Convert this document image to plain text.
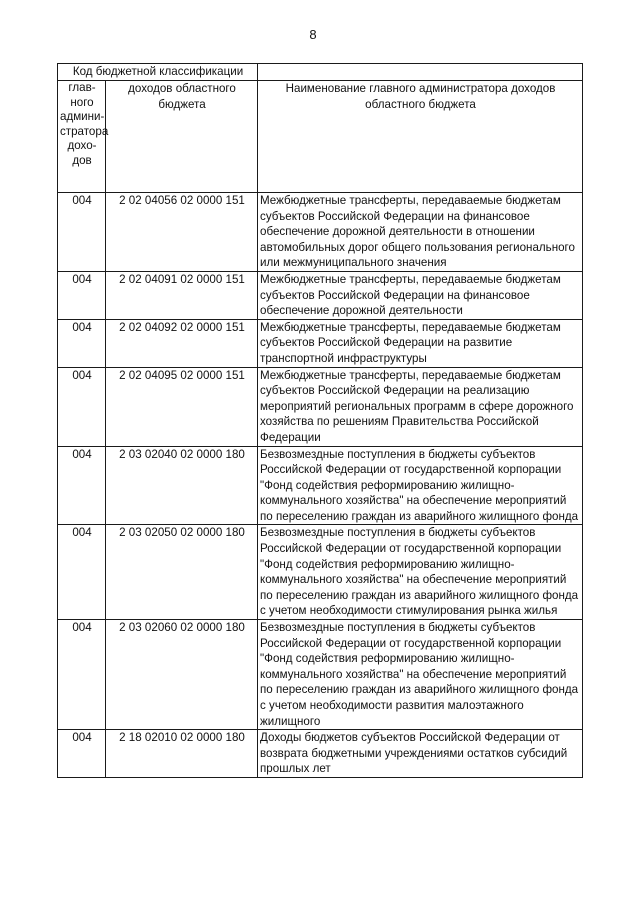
8
Код бюджетной классификации		
глав-ного админи-стратора дохо-дов	доходов областного бюджета	Наименование главного администратора доходов областного бюджета
004	2 02 04056 02 0000 151	Межбюджетные трансферты, передаваемые бюджетам субъектов Российской Федерации на финансовое обеспечение дорожной деятельности в отношении автомобильных дорог общего пользования регионального или межмуниципального значения
004	2 02 04091 02 0000 151	Межбюджетные трансферты, передаваемые бюджетам субъектов Российской Федерации на финансовое обеспечение дорожной деятельности
004	2 02 04092 02 0000 151	Межбюджетные трансферты, передаваемые бюджетам субъектов Российской Федерации на развитие транспортной инфраструктуры
004	2 02 04095 02 0000 151	Межбюджетные трансферты, передаваемые бюджетам субъектов Российской Федерации на реализацию мероприятий региональных программ в сфере дорожного хозяйства по решениям Правительства Российской Федерации
004	2 03 02040 02 0000 180	Безвозмездные поступления в бюджеты субъектов Российской Федерации от государственной корпорации "Фонд содействия реформированию жилищно-коммунального хозяйства" на обеспечение мероприятий по переселению граждан из аварийного жилищного фонда
004	2 03 02050 02 0000 180	Безвозмездные поступления в бюджеты субъектов Российской Федерации от государственной корпорации "Фонд содействия реформированию жилищно-коммунального хозяйства" на обеспечение мероприятий по переселению граждан из аварийного жилищного фонда с учетом необходимости стимулирования рынка жилья
004	2 03 02060 02 0000 180	Безвозмездные поступления в бюджеты субъектов Российской Федерации от государственной корпорации "Фонд содействия реформированию жилищно-коммунального хозяйства" на обеспечение мероприятий по переселению граждан из аварийного жилищного фонда с учетом необходимости развития малоэтажного жилищного
004	2 18 02010 02 0000 180	Доходы бюджетов субъектов Российской Федерации от возврата бюджетными учреждениями остатков субсидий прошлых лет
